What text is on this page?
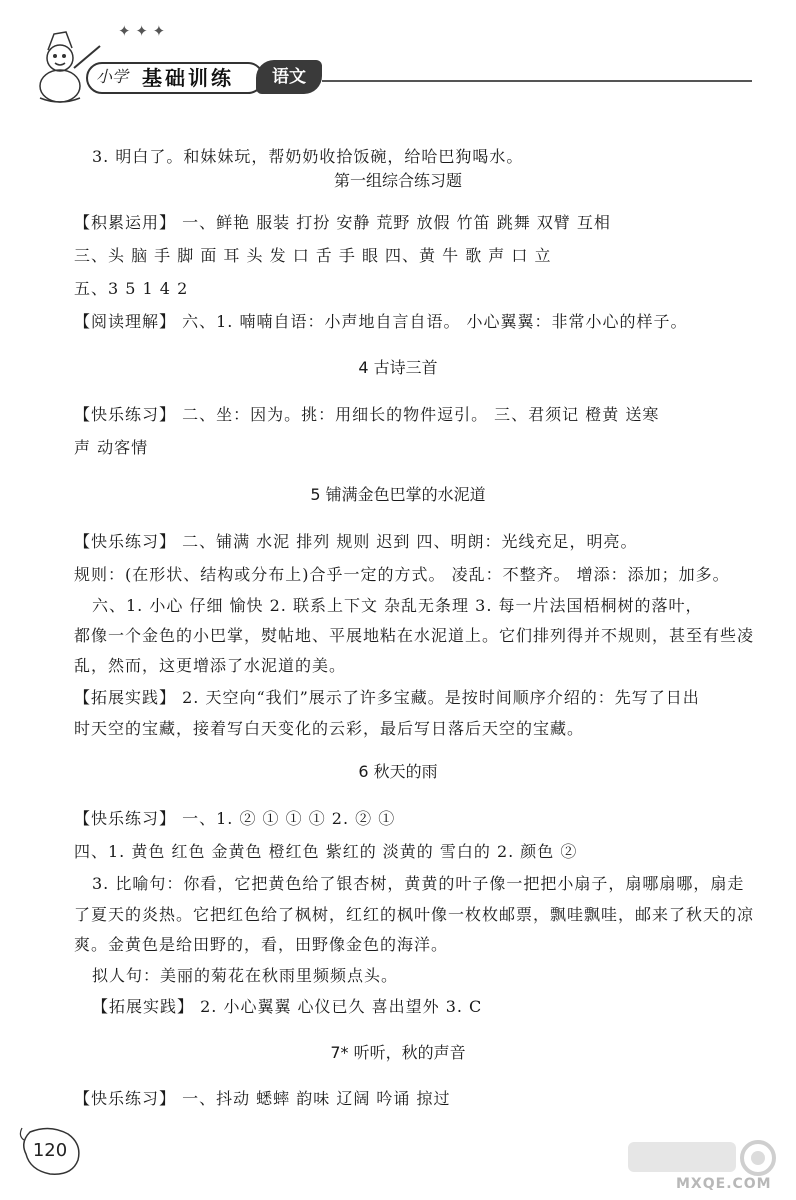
✦ ✦ ✦
小学 基础训练	语文
3. 明白了。和妹妹玩，帮奶奶收拾饭碗，给哈巴狗喝水。
第一组综合练习题
【积累运用】 一、鲜艳 服装 打扮 安静 荒野 放假 竹笛 跳舞 双臂 互相
三、头 脑 手 脚 面 耳 头 发 口 舌 手 眼 四、黄 牛 歌 声 口 立
五、3 5 1 4 2
【阅读理解】 六、1. 喃喃自语：小声地自言自语。 小心翼翼：非常小心的样子。
4 古诗三首
【快乐练习】 二、坐：因为。挑：用细长的物件逗引。 三、君须记 橙黄 送寒
声 动客情
5 铺满金色巴掌的水泥道
【快乐练习】 二、铺满 水泥 排列 规则 迟到 四、明朗：光线充足，明亮。
规则：(在形状、结构或分布上)合乎一定的方式。 凌乱：不整齐。 增添：添加；加多。
六、1. 小心 仔细 愉快 2. 联系上下文 杂乱无条理 3. 每一片法国梧桐树的落叶，
都像一个金色的小巴掌，熨帖地、平展地粘在水泥道上。它们排列得并不规则，甚至有些凌
乱，然而，这更增添了水泥道的美。
【拓展实践】 2. 天空向“我们”展示了许多宝藏。是按时间顺序介绍的：先写了日出
时天空的宝藏，接着写白天变化的云彩，最后写日落后天空的宝藏。
6 秋天的雨
【快乐练习】 一、1. ② ① ① ① 2. ② ①
四、1. 黄色 红色 金黄色 橙红色 紫红的 淡黄的 雪白的 2. 颜色 ②
3. 比喻句：你看，它把黄色给了银杏树，黄黄的叶子像一把把小扇子，扇哪扇哪，扇走
了夏天的炎热。它把红色给了枫树，红红的枫叶像一枚枚邮票，飘哇飘哇，邮来了秋天的凉
爽。金黄色是给田野的，看，田野像金色的海洋。
拟人句：美丽的菊花在秋雨里频频点头。
【拓展实践】 2. 小心翼翼 心仪已久 喜出望外 3. C
7* 听听，秋的声音
【快乐练习】 一、抖动 蟋蟀 韵味 辽阔 吟诵 掠过
120
MXQE.COM
